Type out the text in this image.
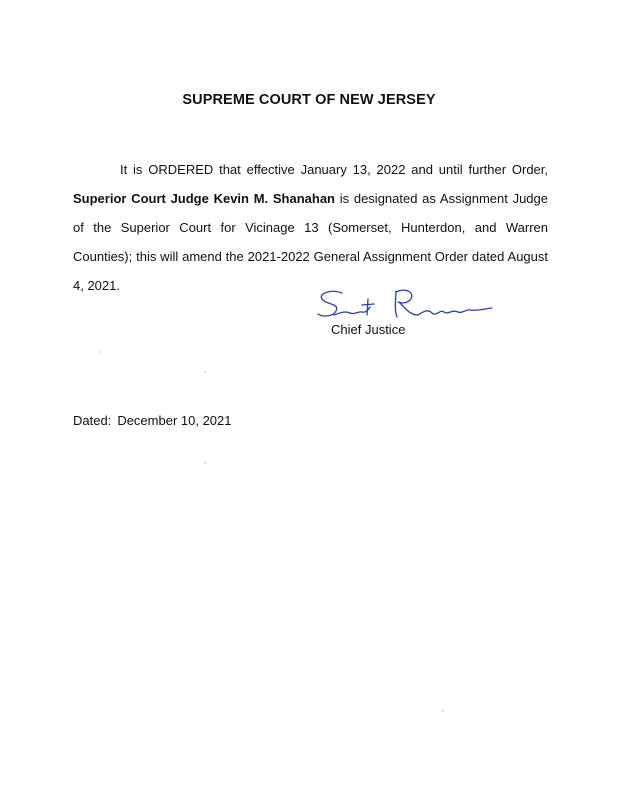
SUPREME COURT OF NEW JERSEY

It is ORDERED that effective January 13, 2022 and until further Order, Superior Court Judge Kevin M. Shanahan is designated as Assignment Judge of the Superior Court for Vicinage 13 (Somerset, Hunterdon, and Warren Counties); this will amend the 2021-2022 General Assignment Order dated August 4, 2021.

Chief Justice
Dated: December 10, 2021
